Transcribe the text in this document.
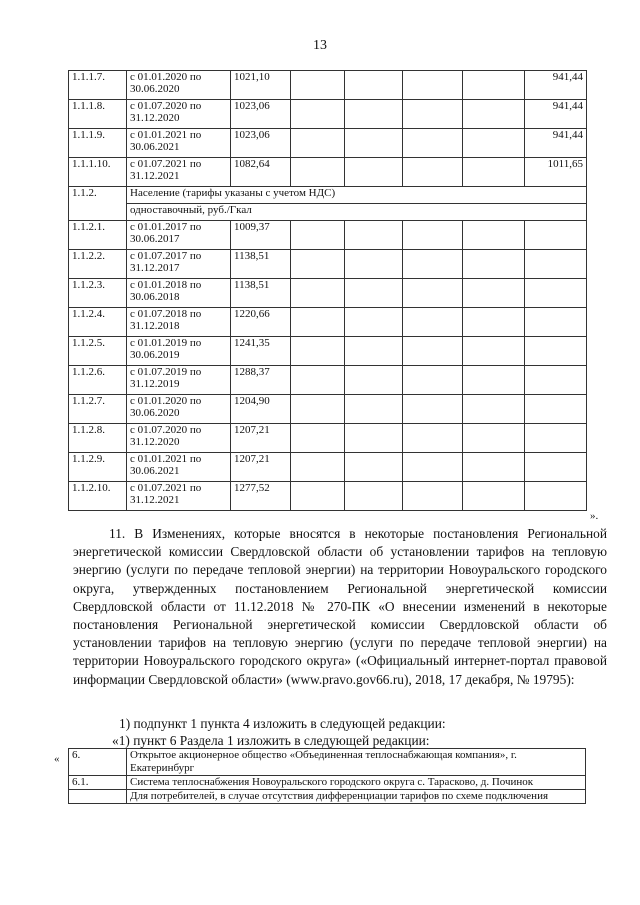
13
1.1.1.7.	с 01.01.2020 по 30.06.2020	1021,10					941,44
1.1.1.8.	с 01.07.2020 по 31.12.2020	1023,06					941,44
1.1.1.9.	с 01.01.2021 по 30.06.2021	1023,06					941,44
1.1.1.10.	с 01.07.2021 по 31.12.2021	1082,64					1011,65
1.1.2.	Население (тарифы указаны с учетом НДС)						
	одноставочный, руб./Гкал						
1.1.2.1.	с 01.01.2017 по 30.06.2017	1009,37					
1.1.2.2.	с 01.07.2017 по 31.12.2017	1138,51					
1.1.2.3.	с 01.01.2018 по 30.06.2018	1138,51					
1.1.2.4.	с 01.07.2018 по 31.12.2018	1220,66					
1.1.2.5.	с 01.01.2019 по 30.06.2019	1241,35					
1.1.2.6.	с 01.07.2019 по 31.12.2019	1288,37					
1.1.2.7.	с 01.01.2020 по 30.06.2020	1204,90					
1.1.2.8.	с 01.07.2020 по 31.12.2020	1207,21					
1.1.2.9.	с 01.01.2021 по 30.06.2021	1207,21					
1.1.2.10.	с 01.07.2021 по 31.12.2021	1277,52					
».
11. В Изменениях, которые вносятся в некоторые постановления Региональной энергетической комиссии Свердловской области об установлении тарифов на тепловую энергию (услуги по передаче тепловой энергии) на территории Новоуральского городского округа, утвержденных постановлением Региональной энергетической комиссии Свердловской области от 11.12.2018 № 270-ПК «О внесении изменений в некоторые постановления Региональной энергетической комиссии Свердловской области об установлении тарифов на тепловую энергию (услуги по передаче тепловой энергии) на территории Новоуральского городского округа» («Официальный интернет-портал правовой информации Свердловской области» (www.pravo.gov66.ru), 2018, 17 декабря, № 19795):
1) подпункт 1 пункта 4 изложить в следующей редакции:
«1) пункт 6 Раздела 1 изложить в следующей редакции:
« 6.	Открытое акционерное общество «Объединенная теплоснабжающая компания», г. Екатеринбург
6.1.	Система теплоснабжения Новоуральского городского округа с. Тарасково, д. Починок
	Для потребителей, в случае отсутствия дифференциации тарифов по схеме подключения
